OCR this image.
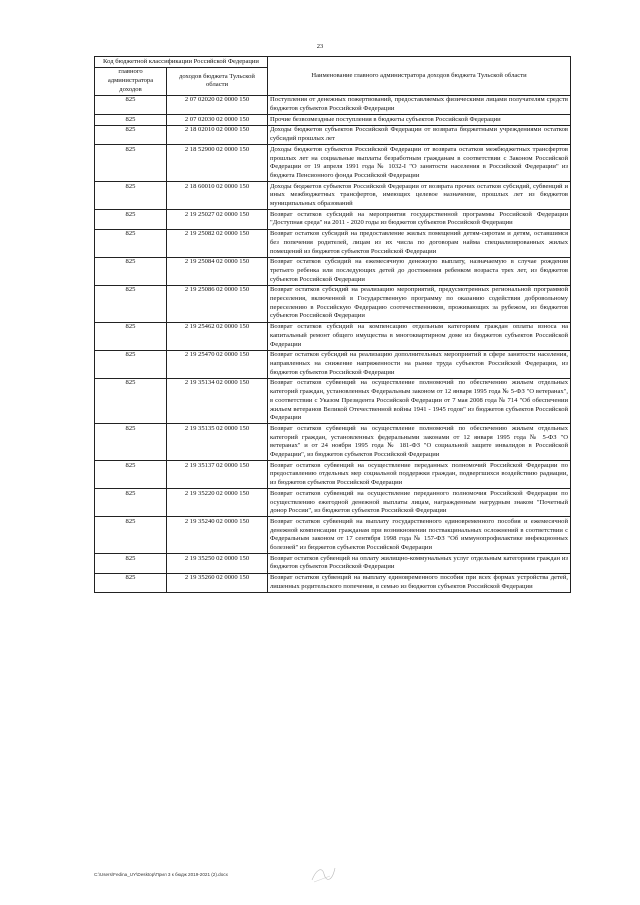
23
Код бюджетной классификации Российской Федерации		Наименование главного администратора доходов бюджета Тульской области
главного администратора доходов	доходов бюджета Тульской области	
825	2 07 02020 02 0000 150	Поступления от денежных пожертвований, предоставляемых физическими лицами получателям средств бюджетов субъектов Российской Федерации
825	2 07 02030 02 0000 150	Прочие безвозмездные поступления в бюджеты субъектов Российской Федерации
825	2 18 02010 02 0000 150	Доходы бюджетов субъектов Российской Федерации от возврата бюджетными учреждениями остатков субсидий прошлых лет
825	2 18 52900 02 0000 150	Доходы бюджетов субъектов Российской Федерации от возврата остатков межбюджетных трансфертов прошлых лет на социальные выплаты безработным гражданам в соответствии с Законом Российской Федерации от 19 апреля 1991 года № 1032-I "О занятости населения в Российской Федерации" из бюджета Пенсионного фонда Российской Федерации
825	2 18 60010 02 0000 150	Доходы бюджетов субъектов Российской Федерации от возврата прочих остатков субсидий, субвенций и иных межбюджетных трансфертов, имеющих целевое назначение, прошлых лет из бюджетов муниципальных образований
825	2 19 25027 02 0000 150	Возврат остатков субсидий на мероприятия государственной программы Российской Федерации "Доступная среда" на 2011 - 2020 годы из бюджетов субъектов Российской Федерации
825	2 19 25082 02 0000 150	Возврат остатков субсидий на предоставление жилых помещений детям-сиротам и детям, оставшимся без попечения родителей, лицам из их числа по договорам найма специализированных жилых помещений из бюджетов субъектов Российской Федерации
825	2 19 25084 02 0000 150	Возврат остатков субсидий на ежемесячную денежную выплату, назначаемую в случае рождения третьего ребенка или последующих детей до достижения ребенком возраста трех лет, из бюджетов субъектов Российской Федерации
825	2 19 25086 02 0000 150	Возврат остатков субсидий на реализацию мероприятий, предусмотренных региональной программой переселения, включенной в Государственную программу по оказанию содействия добровольному переселению в Российскую Федерацию соотечественников, проживающих за рубежом, из бюджетов субъектов Российской Федерации
825	2 19 25462 02 0000 150	Возврат остатков субсидий на компенсацию отдельным категориям граждан оплаты взноса на капитальный ремонт общего имущества в многоквартирном доме из бюджетов субъектов Российской Федерации
825	2 19 25470 02 0000 150	Возврат остатков субсидий на реализацию дополнительных мероприятий в сфере занятости населения, направленных на снижение напряженности на рынке труда субъектов Российской Федерации, из бюджетов субъектов Российской Федерации
825	2 19 35134 02 0000 150	Возврат остатков субвенций на осуществление полномочий по обеспечению жильем отдельных категорий граждан, установленных Федеральным законом от 12 января 1995 года № 5-ФЗ "О ветеранах", в соответствии с Указом Президента Российской Федерации от 7 мая 2008 года № 714 "Об обеспечении жильем ветеранов Великой Отечественной войны 1941 - 1945 годов" из бюджетов субъектов Российской Федерации
825	2 19 35135 02 0000 150	Возврат остатков субвенций на осуществление полномочий по обеспечению жильем отдельных категорий граждан, установленных федеральными законами от 12 января 1995 года № 5-ФЗ "О ветеранах" и от 24 ноября 1995 года № 181-ФЗ "О социальной защите инвалидов в Российской Федерации", из бюджетов субъектов Российской Федерации
825	2 19 35137 02 0000 150	Возврат остатков субвенций на осуществление переданных полномочий Российской Федерации по предоставлению отдельных мер социальной поддержки граждан, подвергшихся воздействию радиации, из бюджетов субъектов Российской Федерации
825	2 19 35220 02 0000 150	Возврат остатков субвенций на осуществление переданного полномочия Российской Федерации по осуществлению ежегодной денежной выплаты лицам, награжденным нагрудным знаком "Почетный донор России", из бюджетов субъектов Российской Федерации
825	2 19 35240 02 0000 150	Возврат остатков субвенций на выплату государственного единовременного пособия и ежемесячной денежной компенсации гражданам при возникновении поствакцинальных осложнений в соответствии с Федеральным законом от 17 сентября 1998 года № 157-ФЗ "Об иммунопрофилактике инфекционных болезней" из бюджетов субъектов Российской Федерации
825	2 19 35250 02 0000 150	Возврат остатков субвенций на оплату жилищно-коммунальных услуг отдельным категориям граждан из бюджетов субъектов Российской Федерации
825	2 19 35260 02 0000 150	Возврат остатков субвенций на выплату единовременного пособия при всех формах устройства детей, лишенных родительского попечения, в семью из бюджетов субъектов Российской Федерации
C:\Users\Fedina_UY\Desktop\Прил 3 к бюдж 2019-2021 (2).docx
